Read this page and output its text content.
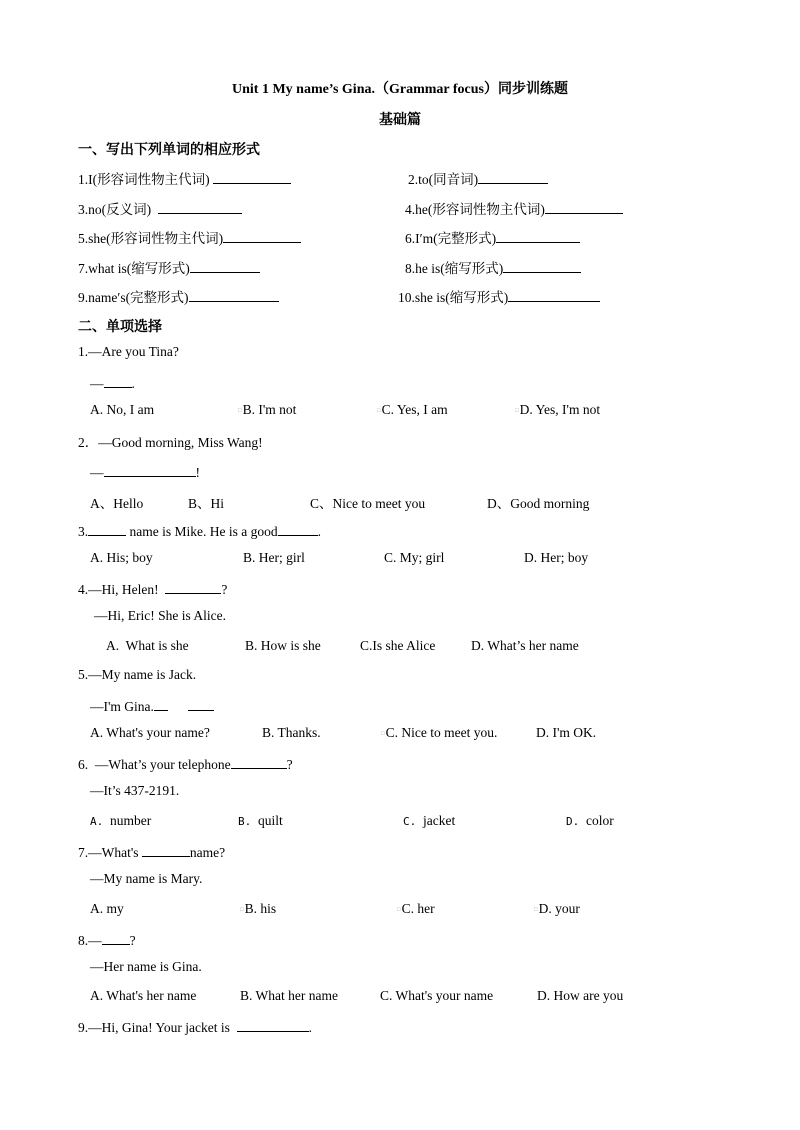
Unit 1 My name’s Gina.（Grammar focus）同步训练题
基础篇
一、写出下列单词的相应形式
1.I(形容词性物主代词)	2.to(同音词)
3.no(反义词)	4.he(形容词性物主代词)
5.she(形容词性物主代词)	6.I′m(完整形式)
7.what is(缩写形式)	8.he is(缩写形式)
9.name′s(完整形式)	10.she is(缩写形式)
二、单项选择
1.—Are you Tina?
— .
A. No, I am	□B. I'm not	□C. Yes, I am	□D. Yes, I'm not
2．—Good morning, Miss Wang!
—	!
A、Hello	B、Hi	C、Nice to meet you	D、Good morning
3.	name is Mike. He is a good	.
A. His; boy	B. Her; girl	C. My; girl	D. Her; boy
4.—Hi, Helen!	?
—Hi, Eric! She is Alice.
A.  What is she	B. How is she	C.Is she Alice	D. What’s her name
5.—My name is Jack.
—I'm Gina.
A. What's your name?	B. Thanks.	□C. Nice to meet you.	D. I'm OK.
6.  —What’s your telephone	?
—It’s 437-2191.
A. number	B. quilt	C. jacket	D. color
7.—What's	name?
—My name is Mary.
A. my	□B. his	□C. her	□D. your
8.— ?
—Her name is Gina.
A. What's her name	B. What her name	C. What's your name	D. How are you
9.—Hi, Gina! Your jacket is	.
